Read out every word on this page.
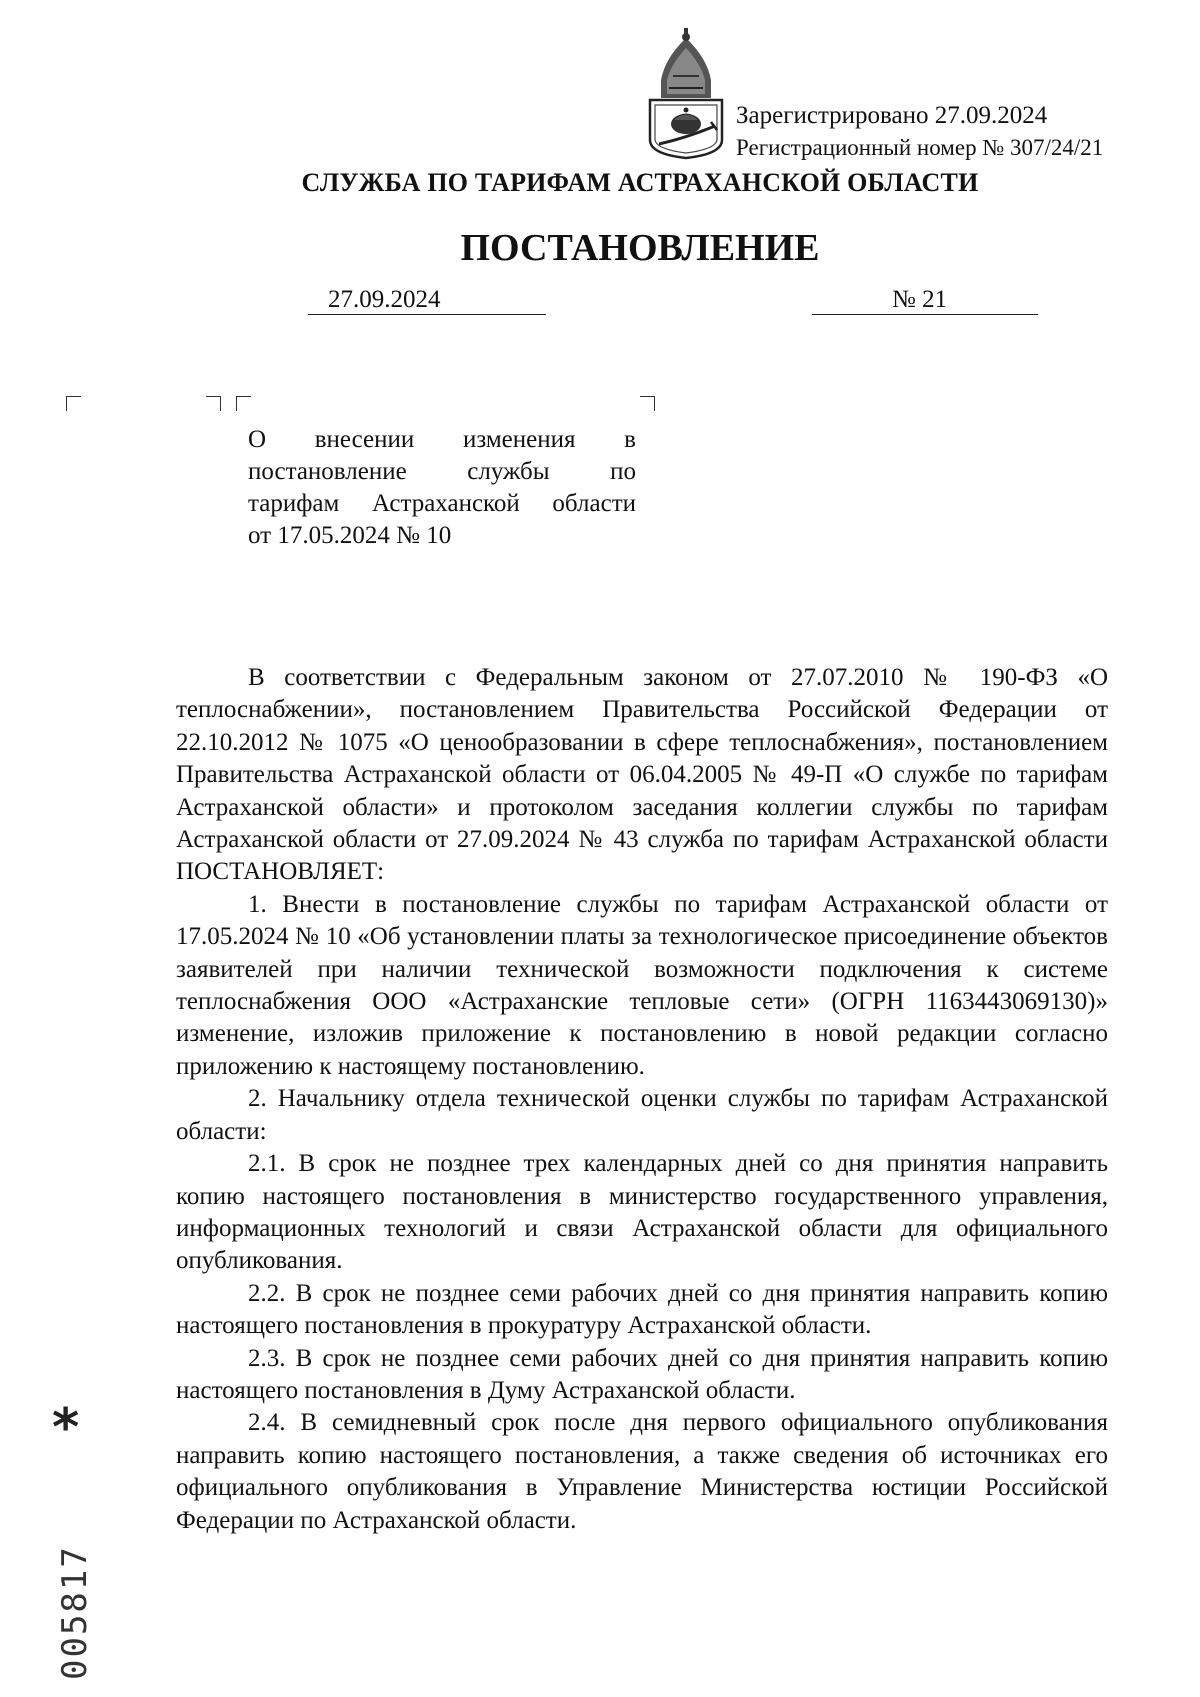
Зарегистрировано 27.09.2024
Регистрационный номер № 307/24/21
СЛУЖБА ПО ТАРИФАМ АСТРАХАНСКОЙ ОБЛАСТИ
ПОСТАНОВЛЕНИЕ
27.09.2024	№ 21
О внесении изменения в
постановление службы по
тарифам Астраханской области
от 17.05.2024 № 10

В соответствии с Федеральным законом от 27.07.2010 № 190-ФЗ «О теплоснабжении», постановлением Правительства Российской Федерации от 22.10.2012 № 1075 «О ценообразовании в сфере теплоснабжения», постановлением Правительства Астраханской области от 06.04.2005 № 49-П «О службе по тарифам Астраханской области» и протоколом заседания коллегии службы по тарифам Астраханской области от 27.09.2024 № 43 служба по тарифам Астраханской области ПОСТАНОВЛЯЕТ:

1. Внести в постановление службы по тарифам Астраханской области от 17.05.2024 № 10 «Об установлении платы за технологическое присоединение объектов заявителей при наличии технической возможности подключения к системе теплоснабжения ООО «Астраханские тепловые сети» (ОГРН 1163443069130)» изменение, изложив приложение к постановлению в новой редакции согласно приложению к настоящему постановлению.

2. Начальнику отдела технической оценки службы по тарифам Астраханской области:

2.1. В срок не позднее трех календарных дней со дня принятия направить копию настоящего постановления в министерство государственного управления, информационных технологий и связи Астраханской области для официального опубликования.

2.2. В срок не позднее семи рабочих дней со дня принятия направить копию настоящего постановления в прокуратуру Астраханской области.

2.3. В срок не позднее семи рабочих дней со дня принятия направить копию настоящего постановления в Думу Астраханской области.

2.4. В семидневный срок после дня первого официального опубликования направить копию настоящего постановления, а также сведения об источниках его официального опубликования в Управление Министерства юстиции Российской Федерации по Астраханской области.

*
005817
